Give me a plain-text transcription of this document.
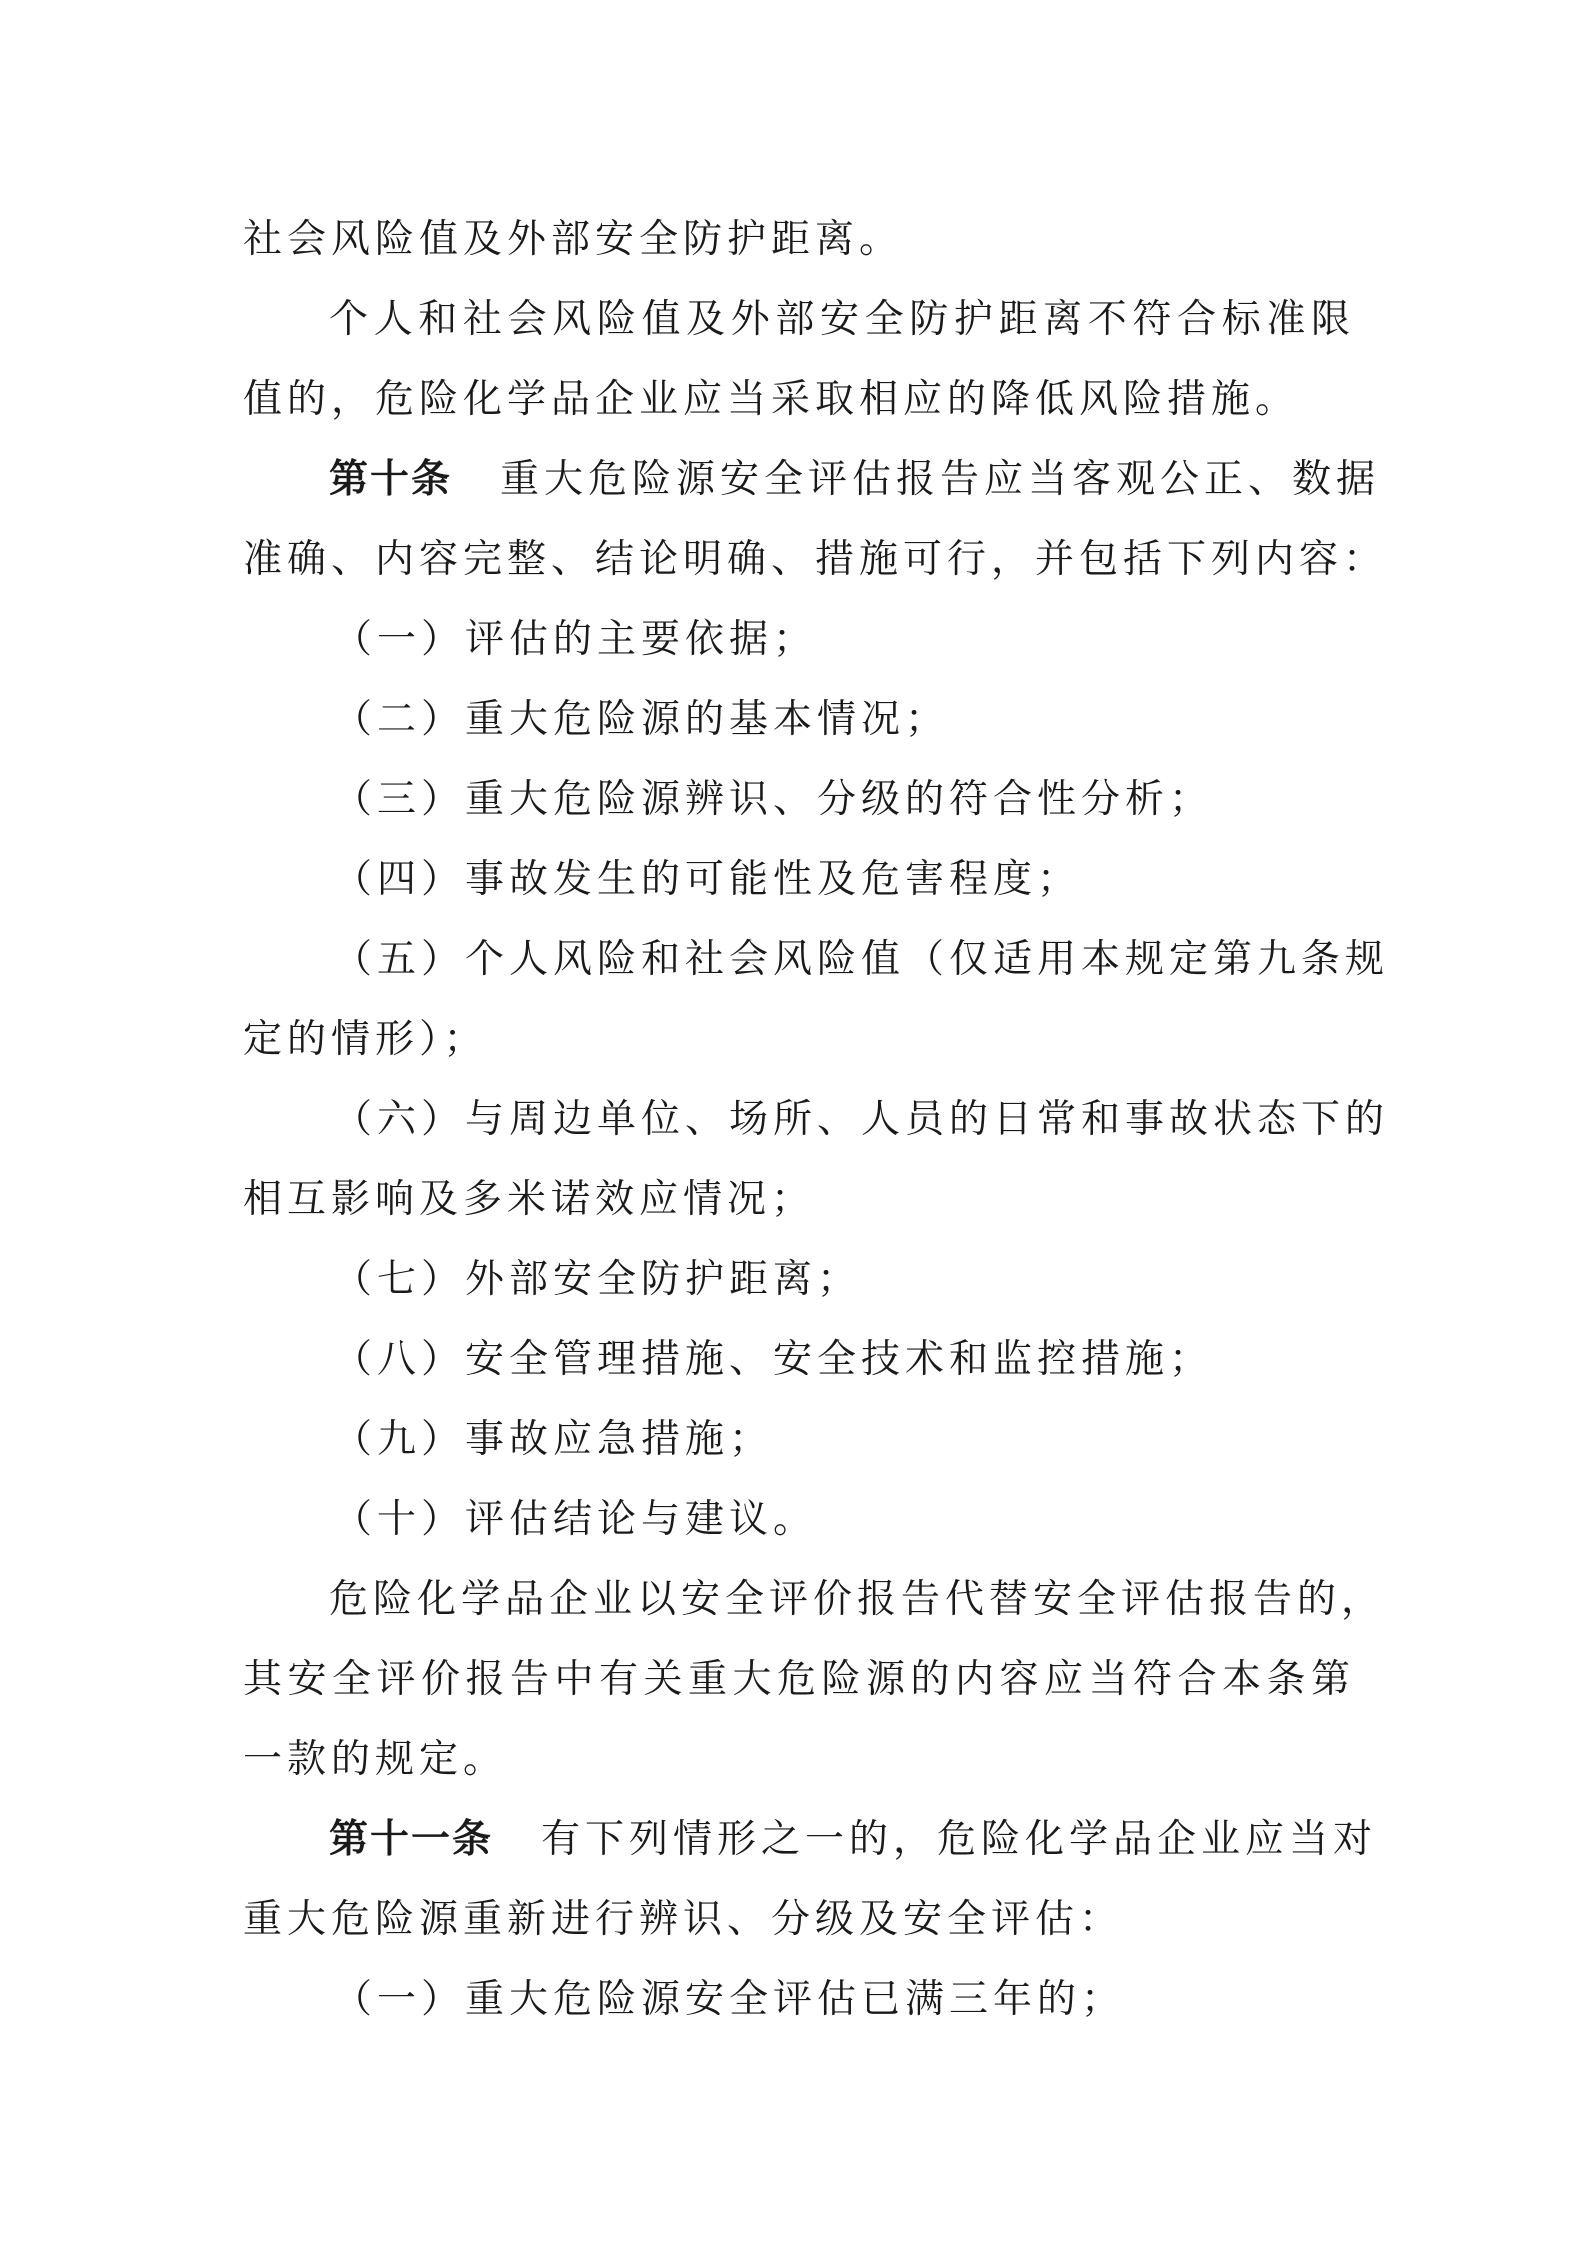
社会风险值及外部安全防护距离。
个人和社会风险值及外部安全防护距离不符合标准限
值的，危险化学品企业应当采取相应的降低风险措施。
第十条 重大危险源安全评估报告应当客观公正、数据
准确、内容完整、结论明确、措施可行，并包括下列内容：
（一）评估的主要依据；
（二）重大危险源的基本情况；
（三）重大危险源辨识、分级的符合性分析；
（四）事故发生的可能性及危害程度；
（五）个人风险和社会风险值（仅适用本规定第九条规
定的情形）；
（六）与周边单位、场所、人员的日常和事故状态下的
相互影响及多米诺效应情况；
（七）外部安全防护距离；
（八）安全管理措施、安全技术和监控措施；
（九）事故应急措施；
（十）评估结论与建议。
危险化学品企业以安全评价报告代替安全评估报告的，
其安全评价报告中有关重大危险源的内容应当符合本条第
一款的规定。
第十一条 有下列情形之一的，危险化学品企业应当对
重大危险源重新进行辨识、分级及安全评估：
（一）重大危险源安全评估已满三年的；
